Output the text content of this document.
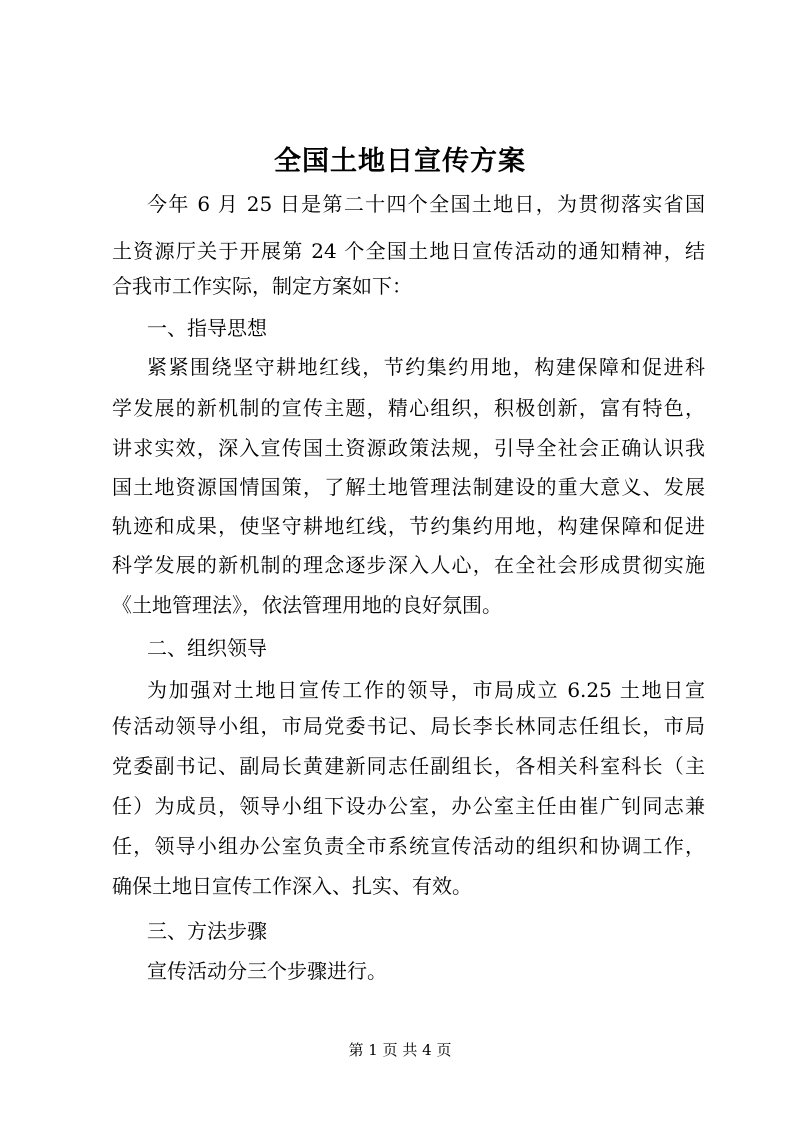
全国土地日宣传方案
今年 6 月 25 日是第二十四个全国土地日，为贯彻落实省国
土资源厅关于开展第 24 个全国土地日宣传活动的通知精神，结
合我市工作实际，制定方案如下：
一、指导思想
紧紧围绕坚守耕地红线，节约集约用地，构建保障和促进科
学发展的新机制的宣传主题，精心组织，积极创新，富有特色，
讲求实效，深入宣传国土资源政策法规，引导全社会正确认识我
国土地资源国情国策，了解土地管理法制建设的重大意义、发展
轨迹和成果，使坚守耕地红线，节约集约用地，构建保障和促进
科学发展的新机制的理念逐步深入人心，在全社会形成贯彻实施
《土地管理法》，依法管理用地的良好氛围。
二、组织领导
为加强对土地日宣传工作的领导，市局成立 6.25 土地日宣
传活动领导小组，市局党委书记、局长李长林同志任组长，市局
党委副书记、副局长黄建新同志任副组长，各相关科室科长（主
任）为成员，领导小组下设办公室，办公室主任由崔广钊同志兼
任，领导小组办公室负责全市系统宣传活动的组织和协调工作，
确保土地日宣传工作深入、扎实、有效。
三、方法步骤
宣传活动分三个步骤进行。
第 1 页 共 4 页
